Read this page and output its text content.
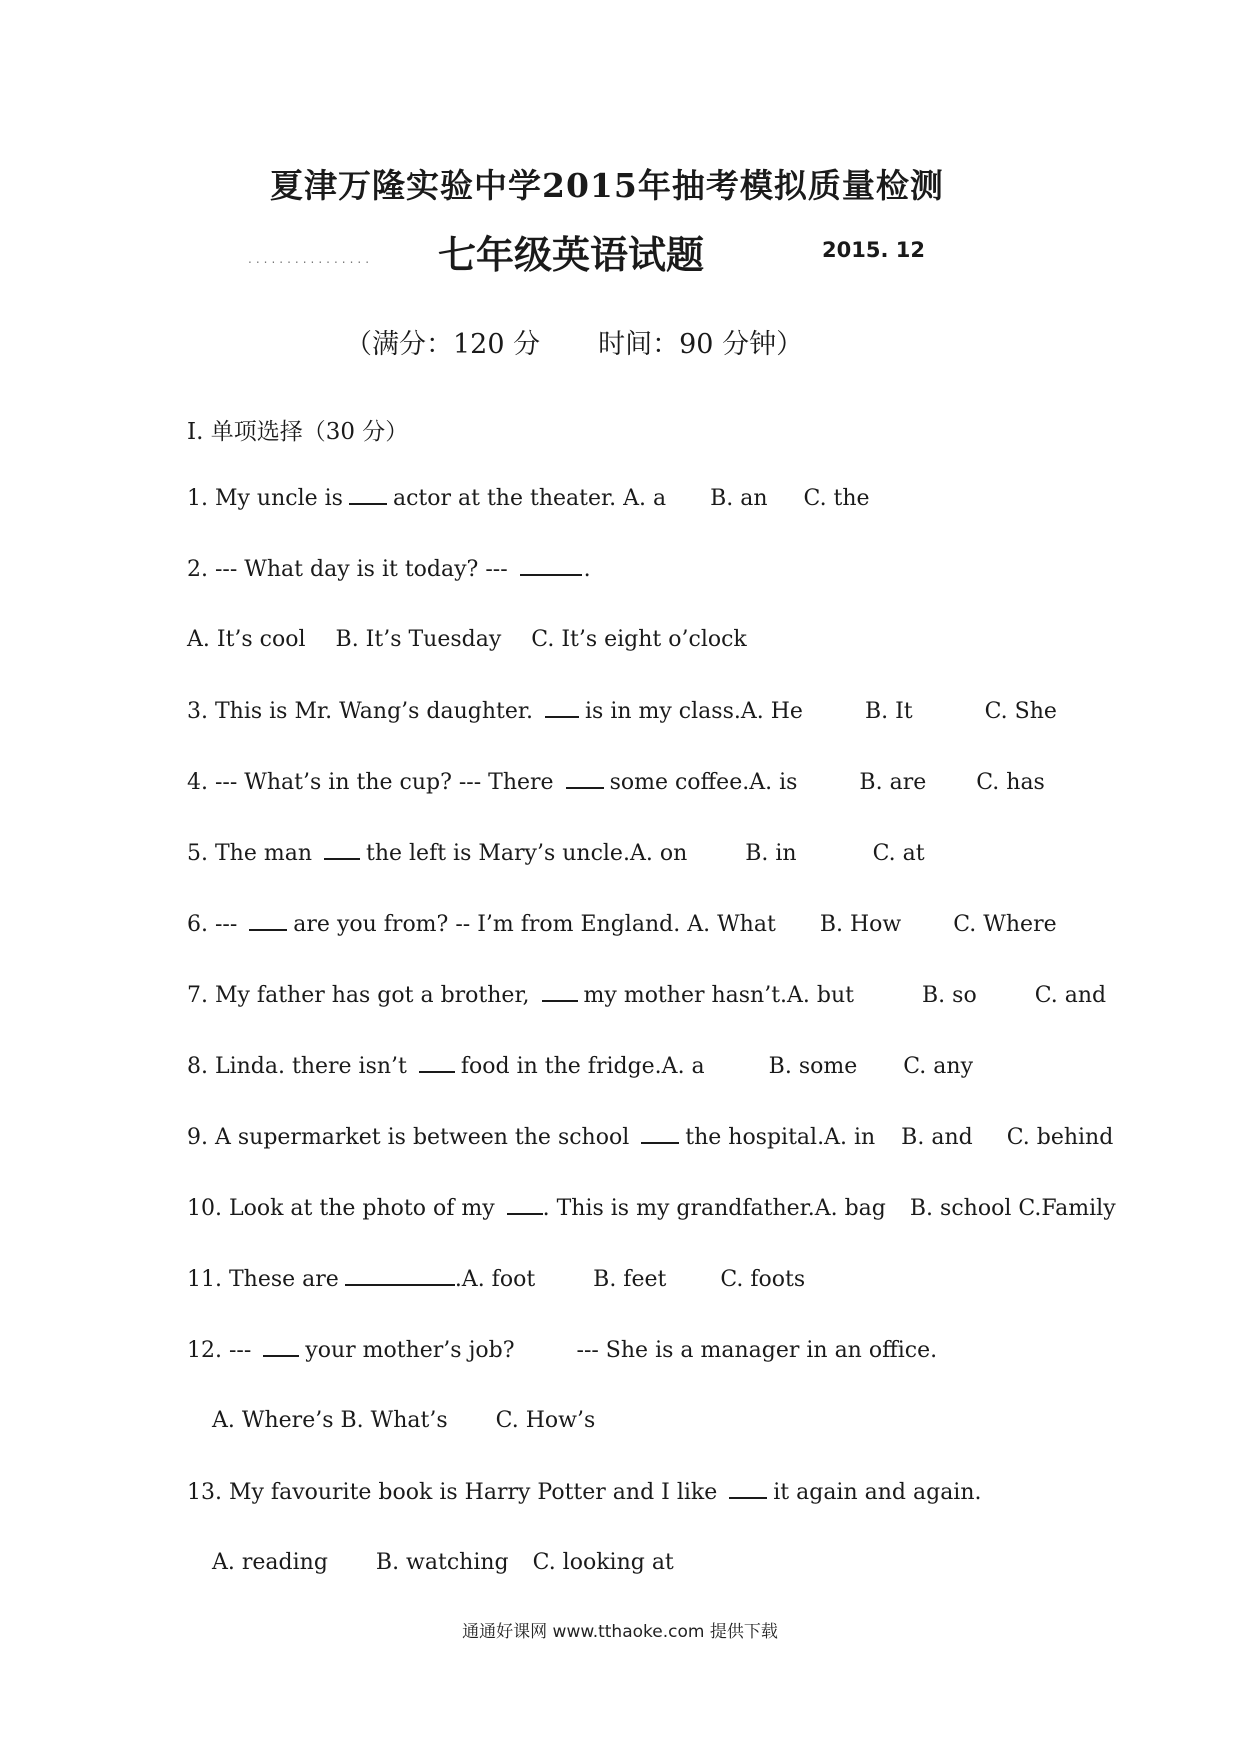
夏津万隆实验中学2015年抽考模拟质量检测
................ 七年级英语试题	2015. 12
（满分：120 分 时间：90 分钟）
I. 单项选择（30 分）
1. My uncle is actor at the theater. A. a B. an C. the
2. --- What day is it today? ---	.
A. It’s cool B. It’s Tuesday C. It’s eight o’clock
3. This is Mr. Wang’s daughter. is in my class.A. He	B. It	C. She
4. --- What’s in the cup? --- There	some coffee.A. is	B. are C. has
5. The man the left is Mary’s uncle.A. on	B. in	C. at
6. ---	are you from? -- I’m from England. A. What B. How C. Where
7. My father has got a brother, my mother hasn’t.A. but	B. so	C. and
8. Linda. there isn’t food in the fridge.A. a	B. some C. any
9. A supermarket is between the school	the hospital.A. in B. and C. behind
10. Look at the photo of my . This is my grandfather.A. bag B. school C.Family
11. These are	.A. foot	B. feet C. foots
12. --- your mother’s job?	--- She is a manager in an office.
A. Where’s B. What’s C. How’s
13. My favourite book is Harry Potter and I like	it again and again.
A. reading B. watching C. looking at
通通好课网 www.tthaoke.com 提供下载
